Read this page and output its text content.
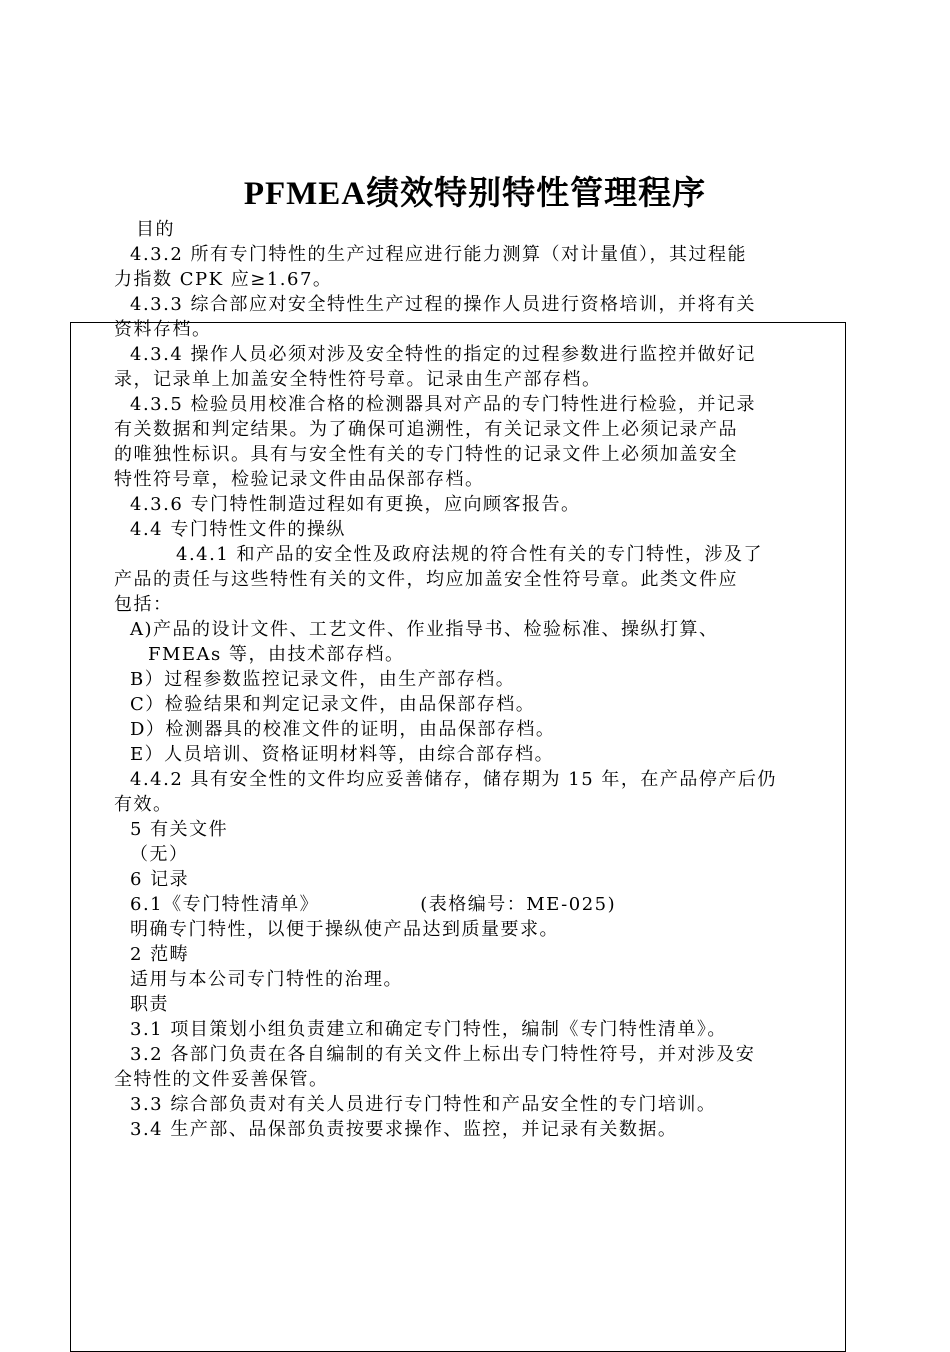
PFMEA绩效特别特性管理程序
目的
4.3.2 所有专门特性的生产过程应进行能力测算（对计量值），其过程能
力指数 CPK 应≥1.67。
4.3.3 综合部应对安全特性生产过程的操作人员进行资格培训，并将有关
资料存档。
4.3.4 操作人员必须对涉及安全特性的指定的过程参数进行监控并做好记
录，记录单上加盖安全特性符号章。记录由生产部存档。
4.3.5 检验员用校准合格的检测器具对产品的专门特性进行检验，并记录
有关数据和判定结果。为了确保可追溯性，有关记录文件上必须记录产品
的唯独性标识。具有与安全性有关的专门特性的记录文件上必须加盖安全
特性符号章，检验记录文件由品保部存档。
4.3.6 专门特性制造过程如有更换，应向顾客报告。
4.4 专门特性文件的操纵
4.4.1 和产品的安全性及政府法规的符合性有关的专门特性，涉及了
产品的责任与这些特性有关的文件，均应加盖安全性符号章。此类文件应
包括：
A)产品的设计文件、工艺文件、作业指导书、检验标准、操纵打算、
FMEAs 等，由技术部存档。
B）过程参数监控记录文件，由生产部存档。
C）检验结果和判定记录文件，由品保部存档。
D）检测器具的校准文件的证明，由品保部存档。
E）人员培训、资格证明材料等，由综合部存档。
4.4.2 具有安全性的文件均应妥善储存，储存期为 15 年，在产品停产后仍
有效。
5 有关文件
（无）
6 记录
6.1《专门特性清单》              (表格编号：ME-025)
明确专门特性，以便于操纵使产品达到质量要求。
2 范畴
适用与本公司专门特性的治理。
职责
3.1 项目策划小组负责建立和确定专门特性，编制《专门特性清单》。
3.2 各部门负责在各自编制的有关文件上标出专门特性符号，并对涉及安
全特性的文件妥善保管。
3.3 综合部负责对有关人员进行专门特性和产品安全性的专门培训。
3.4 生产部、品保部负责按要求操作、监控，并记录有关数据。
